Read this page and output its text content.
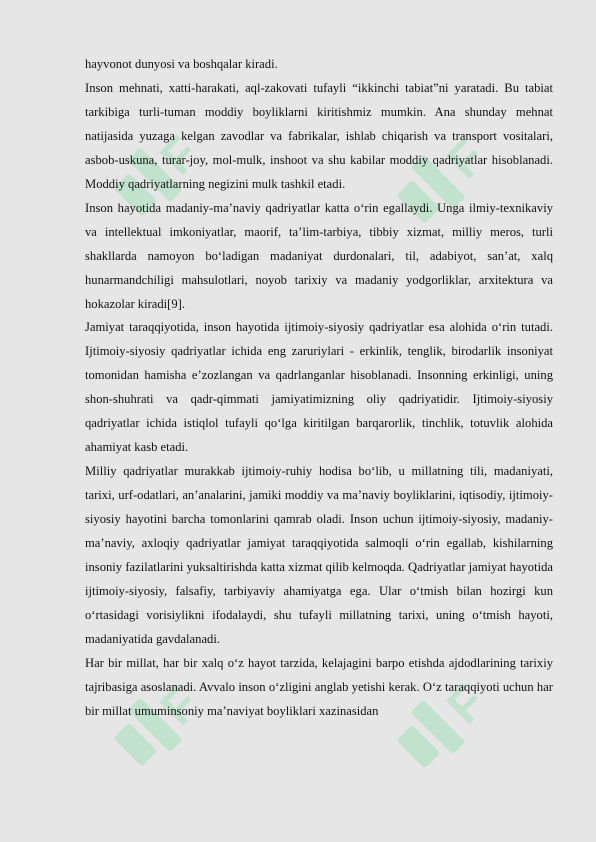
F	F
F	F

hayvonot dunyosi va boshqalar kiradi.

Inson mehnati, xatti-harakati, aql-zakovati tufayli “ikkinchi tabiat”ni yaratadi. Bu tabiat tarkibiga turli-tuman moddiy boyliklarni kiritishmiz mumkin. Ana shunday mehnat natijasida yuzaga kelgan zavodlar va fabrikalar, ishlab chiqarish va transport vositalari, asbob-uskuna, turar-joy, mol-mulk, inshoot va shu kabilar moddiy qadriyatlar hisoblanadi. Moddiy qadriyatlarning negizini mulk tashkil etadi.

Inson hayotida madaniy-ma’naviy qadriyatlar katta o‘rin egallaydi. Unga ilmiy-texnikaviy va intellektual imkoniyatlar, maorif, ta’lim-tarbiya, tibbiy xizmat, milliy meros, turli shakllarda namoyon bo‘ladigan madaniyat durdonalari, til, adabiyot, san’at, xalq hunarmandchiligi mahsulotlari, noyob tarixiy va madaniy yodgorliklar, arxitektura va hokazolar kiradi[9].

Jamiyat taraqqiyotida, inson hayotida ijtimoiy-siyosiy qadriyatlar esa alohida o‘rin tutadi. Ijtimoiy-siyosiy qadriyatlar ichida eng zaruriylari - erkinlik, tenglik, birodarlik insoniyat tomonidan hamisha e’zozlangan va qadrlanganlar hisoblanadi. Insonning erkinligi, uning shon-shuhrati va qadr-qimmati jamiyatimizning oliy qadriyatidir. Ijtimoiy-siyosiy qadriyatlar ichida istiqlol tufayli qo‘lga kiritilgan barqarorlik, tinchlik, totuvlik alohida ahamiyat kasb etadi.

Milliy qadriyatlar murakkab ijtimoiy-ruhiy hodisa bo‘lib, u millatning tili, madaniyati, tarixi, urf-odatlari, an’analarini, jamiki moddiy va ma’naviy boyliklarini, iqtisodiy, ijtimoiy-siyosiy hayotini barcha tomonlarini qamrab oladi. Inson uchun ijtimoiy-siyosiy, madaniy-ma’naviy, axloqiy qadriyatlar jamiyat taraqqiyotida salmoqli o‘rin egallab, kishilarning insoniy fazilatlarini yuksaltirishda katta xizmat qilib kelmoqda. Qadriyatlar jamiyat hayotida ijtimoiy-siyosiy, falsafiy, tarbiyaviy ahamiyatga ega. Ular o‘tmish bilan hozirgi kun o‘rtasidagi vorisiylikni ifodalaydi, shu tufayli millatning tarixi, uning o‘tmish hayoti, madaniyatida gavdalanadi.

Har bir millat, har bir xalq o‘z hayot tarzida, kelajagini barpo etishda ajdodlarining tarixiy tajribasiga asoslanadi. Avvalo inson o‘zligini anglab yetishi kerak. O‘z taraqqiyoti uchun har bir millat umuminsoniy ma’naviyat boyliklari xazinasidan
